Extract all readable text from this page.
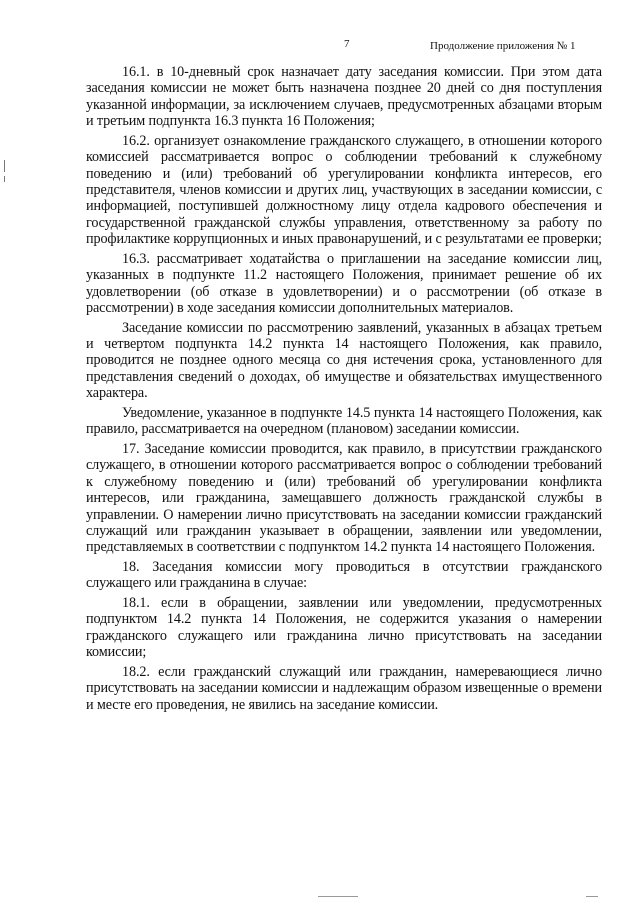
7	Продолжение приложения № 1

16.1. в 10-дневный срок назначает дату заседания комиссии. При этом дата заседания комиссии не может быть назначена позднее 20 дней со дня поступления указанной информации, за исключением случаев, предусмотренных абзацами вторым и третьим подпункта 16.3 пункта 16 Положения;

16.2. организует ознакомление гражданского служащего, в отношении которого комиссией рассматривается вопрос о соблюдении требований к служебному поведению и (или) требований об урегулировании конфликта интересов, его представителя, членов комиссии и других лиц, участвующих в заседании комиссии, с информацией, поступившей должностному лицу отдела кадрового обеспечения и государственной гражданской службы управления, ответственному за работу по профилактике коррупционных и иных правонарушений, и с результатами ее проверки;

16.3. рассматривает ходатайства о приглашении на заседание комиссии лиц, указанных в подпункте 11.2 настоящего Положения, принимает решение об их удовлетворении (об отказе в удовлетворении) и о рассмотрении (об отказе в рассмотрении) в ходе заседания комиссии дополнительных материалов.

Заседание комиссии по рассмотрению заявлений, указанных в абзацах третьем и четвертом подпункта 14.2 пункта 14 настоящего Положения, как правило, проводится не позднее одного месяца со дня истечения срока, установленного для представления сведений о доходах, об имуществе и обязательствах имущественного характера.

Уведомление, указанное в подпункте 14.5 пункта 14 настоящего Положения, как правило, рассматривается на очередном (плановом) заседании комиссии.

17. Заседание комиссии проводится, как правило, в присутствии гражданского служащего, в отношении которого рассматривается вопрос о соблюдении требований к служебному поведению и (или) требований об урегулировании конфликта интересов, или гражданина, замещавшего должность гражданской службы в управлении. О намерении лично присутствовать на заседании комиссии гражданский служащий или гражданин указывает в обращении, заявлении или уведомлении, представляемых в соответствии с подпунктом 14.2 пункта 14 настоящего Положения.

18. Заседания комиссии могу проводиться в отсутствии гражданского служащего или гражданина в случае:

18.1. если в обращении, заявлении или уведомлении, предусмотренных подпунктом 14.2 пункта 14 Положения, не содержится указания о намерении гражданского служащего или гражданина лично присутствовать на заседании комиссии;

18.2. если гражданский служащий или гражданин, намеревающиеся лично присутствовать на заседании комиссии и надлежащим образом извещенные о времени и месте его проведения, не явились на заседание комиссии.
